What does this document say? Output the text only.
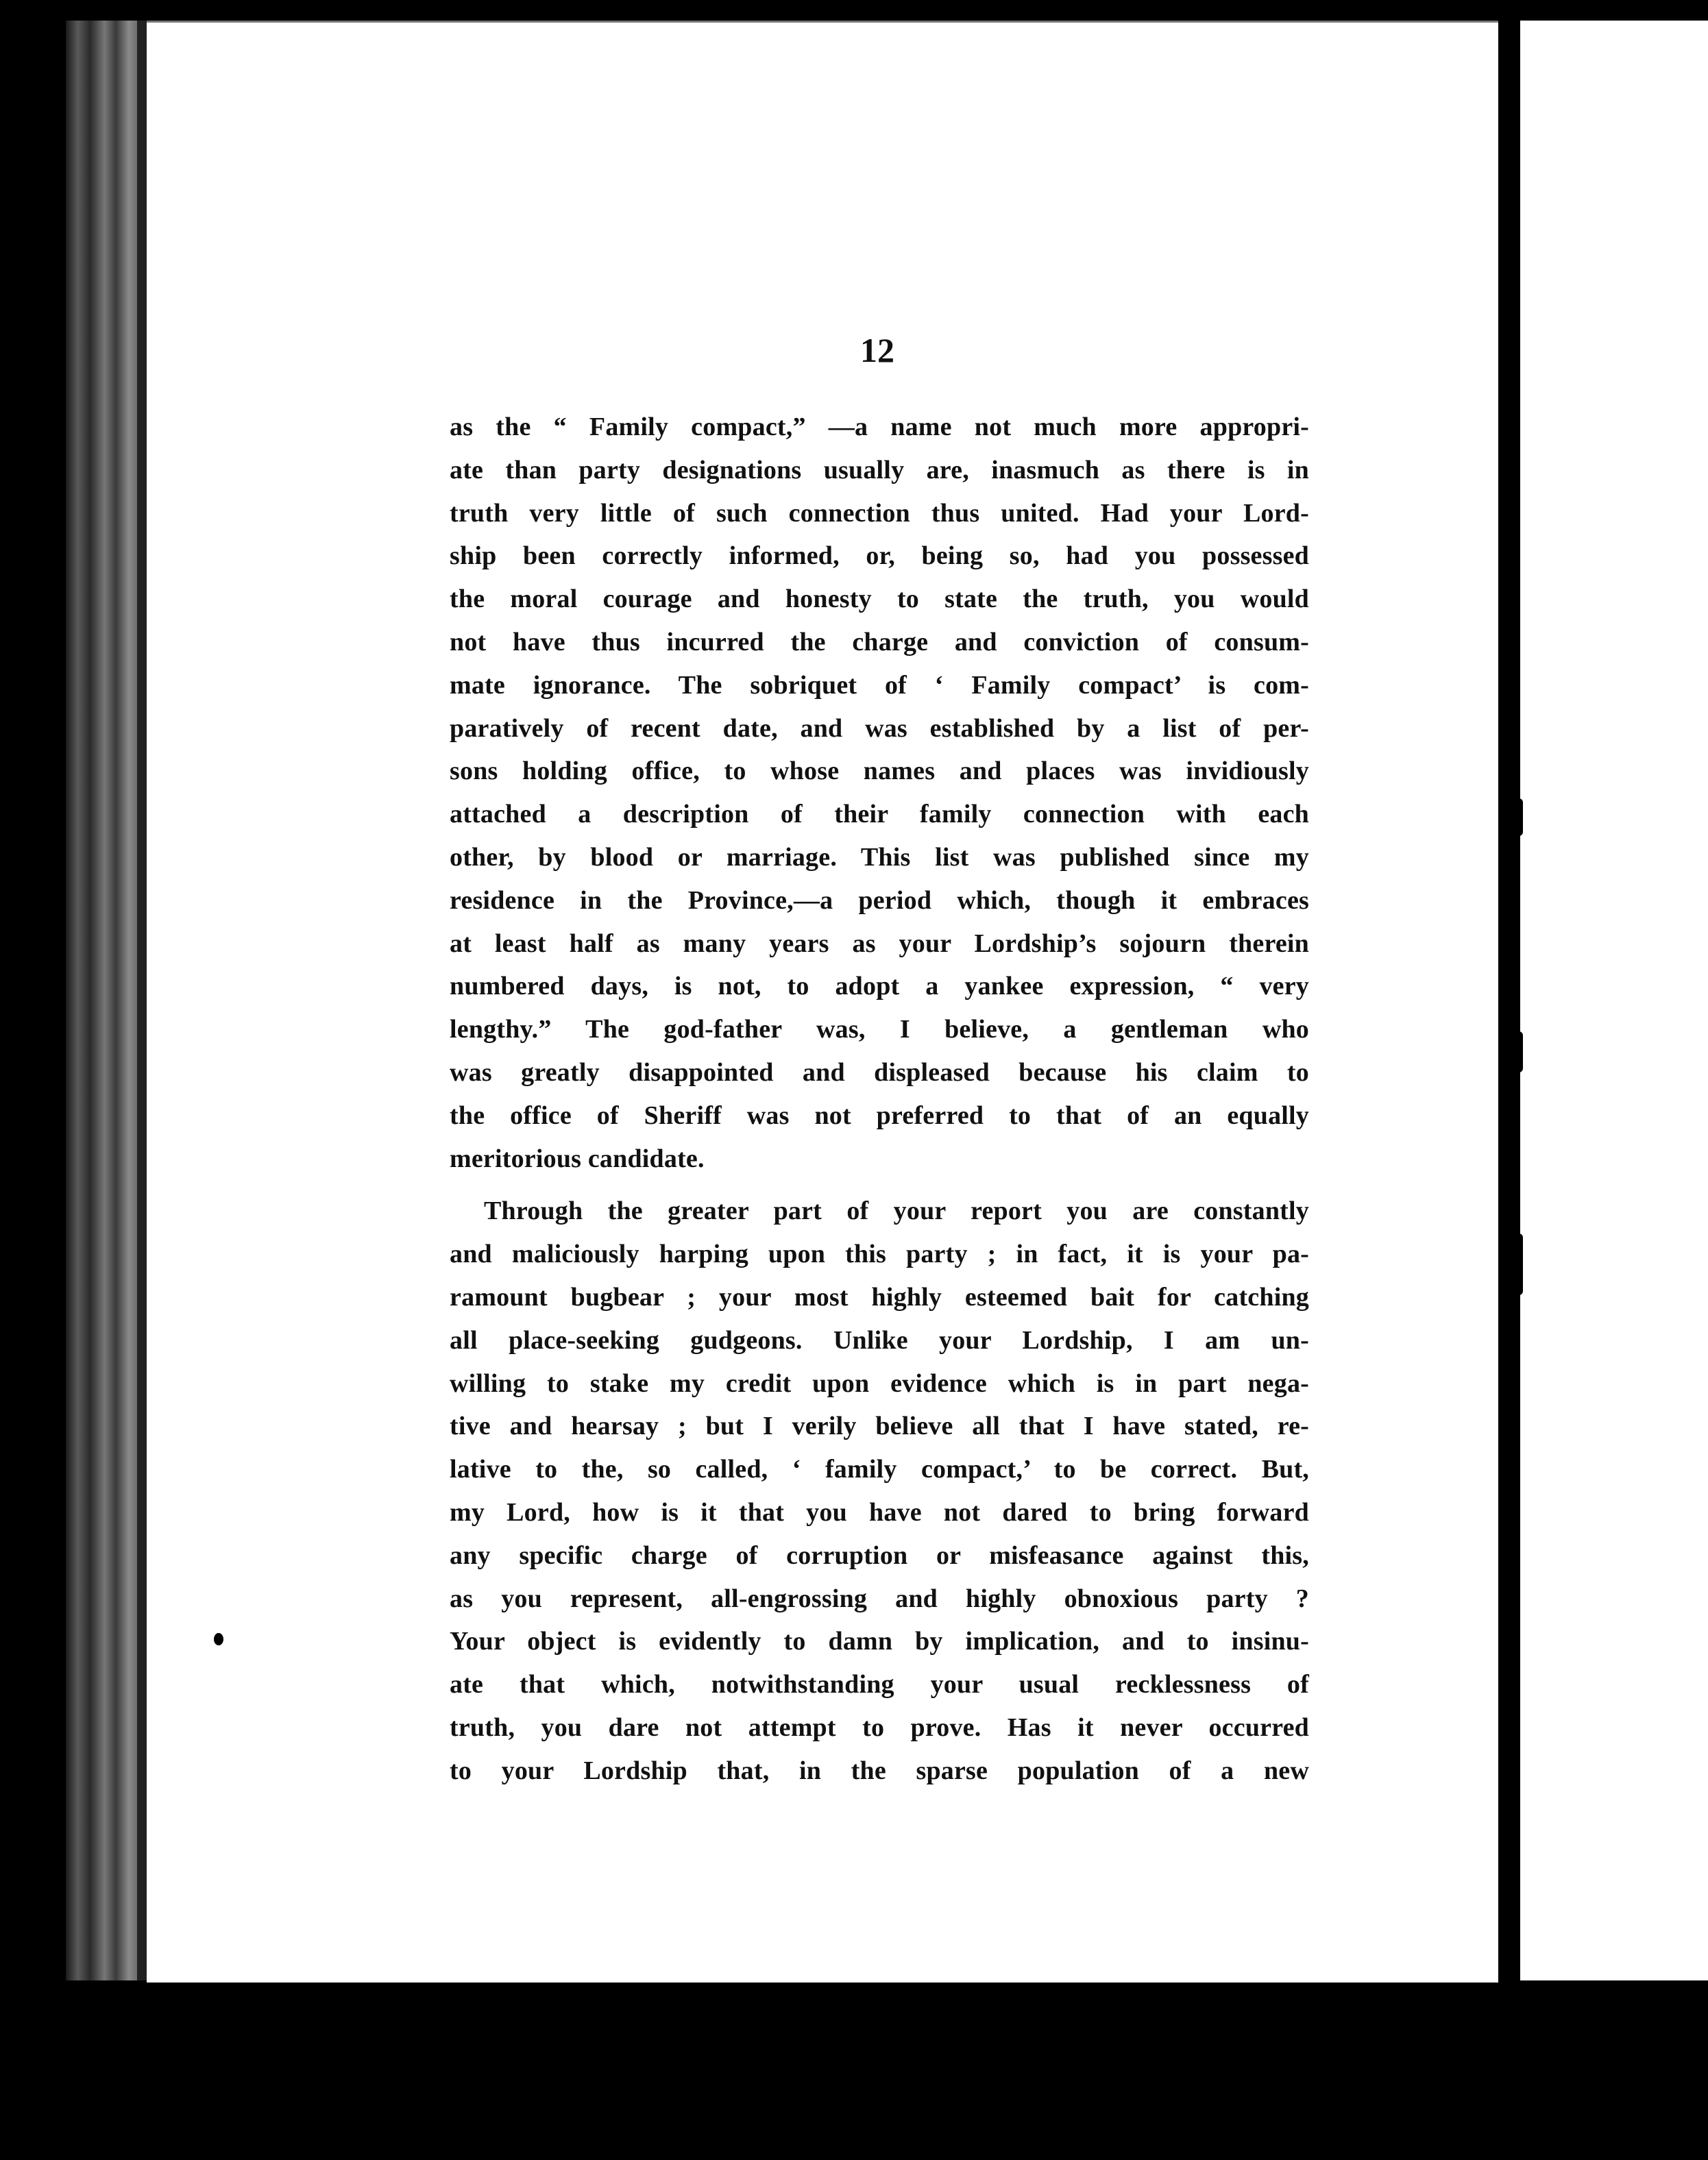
12
as the “ Family compact,” —a name not much more appropri-
ate than party designations usually are, inasmuch as there is in
truth very little of such connection thus united. Had your Lord-
ship been correctly informed, or, being so, had you possessed
the moral courage and honesty to state the truth, you would
not have thus incurred the charge and conviction of consum-
mate ignorance. The sobriquet of ‘ Family compact’ is com-
paratively of recent date, and was established by a list of per-
sons holding office, to whose names and places was invidiously
attached a description of their family connection with each
other, by blood or marriage. This list was published since my
residence in the Province,—a period which, though it embraces
at least half as many years as your Lordship’s sojourn therein
numbered days, is not, to adopt a yankee expression, “ very
lengthy.” The god-father was, I believe, a gentleman who
was greatly disappointed and displeased because his claim to
the office of Sheriff was not preferred to that of an equally
meritorious candidate.
Through the greater part of your report you are constantly
and maliciously harping upon this party ; in fact, it is your pa-
ramount bugbear ; your most highly esteemed bait for catching
all place-seeking gudgeons. Unlike your Lordship, I am un-
willing to stake my credit upon evidence which is in part nega-
tive and hearsay ; but I verily believe all that I have stated, re-
lative to the, so called, ‘ family compact,’ to be correct. But,
my Lord, how is it that you have not dared to bring forward
any specific charge of corruption or misfeasance against this,
as you represent, all-engrossing and highly obnoxious party ?
Your object is evidently to damn by implication, and to insinu-
ate that which, notwithstanding your usual recklessness of
truth, you dare not attempt to prove. Has it never occurred
to your Lordship that, in the sparse population of a new
